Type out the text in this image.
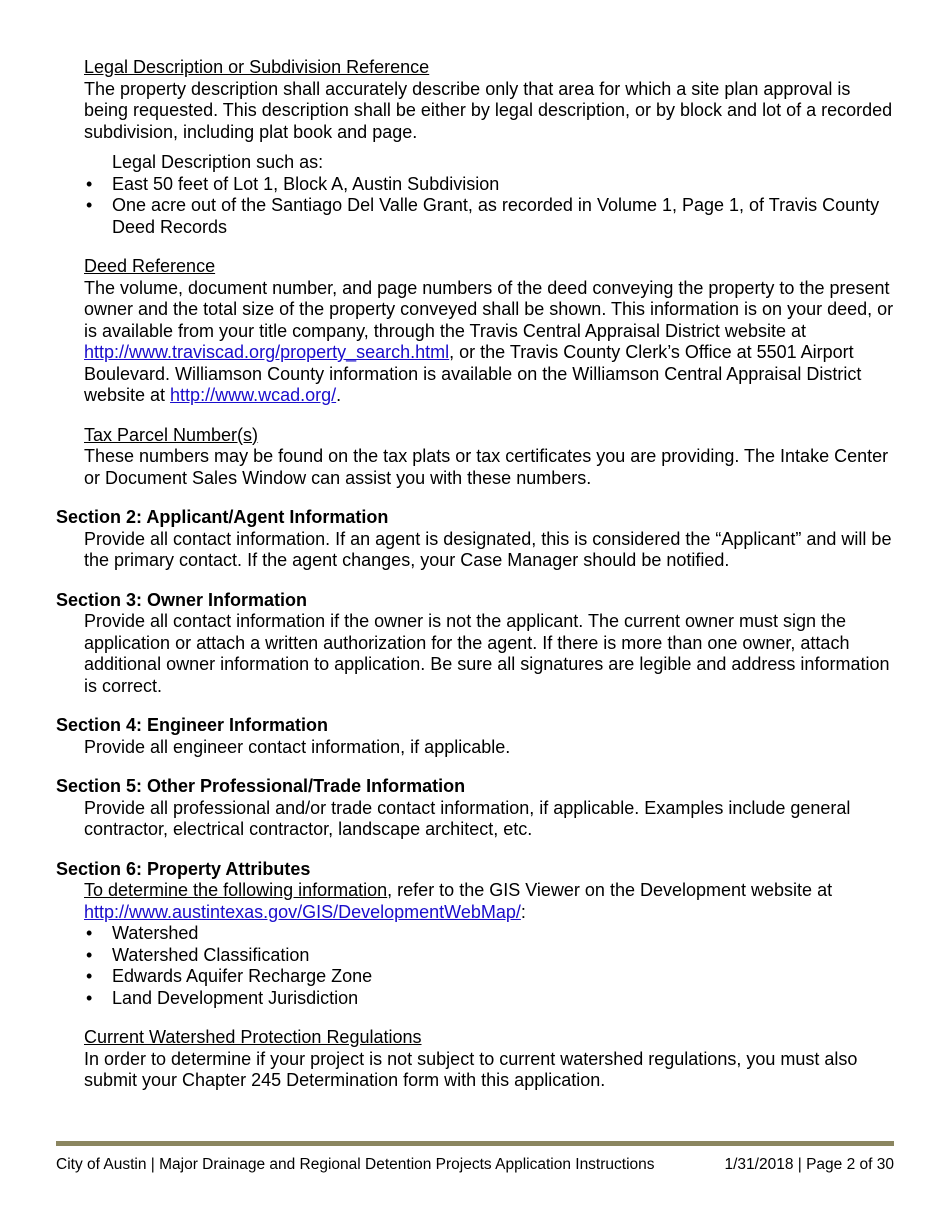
Legal Description or Subdivision Reference

The property description shall accurately describe only that area for which a site plan approval is being requested. This description shall be either by legal description, or by block and lot of a recorded subdivision, including plat book and page.

Legal Description such as:

• East 50 feet of Lot 1, Block A, Austin Subdivision
• One acre out of the Santiago Del Valle Grant, as recorded in Volume 1, Page 1, of Travis County Deed Records

Deed Reference

The volume, document number, and page numbers of the deed conveying the property to the present owner and the total size of the property conveyed shall be shown. This information is on your deed, or is available from your title company, through the Travis Central Appraisal District website at http://www.traviscad.org/property_search.html, or the Travis County Clerk’s Office at 5501 Airport Boulevard. Williamson County information is available on the Williamson Central Appraisal District website at http://www.wcad.org/.

Tax Parcel Number(s)

These numbers may be found on the tax plats or tax certificates you are providing. The Intake Center or Document Sales Window can assist you with these numbers.

Section 2: Applicant/Agent Information

Provide all contact information. If an agent is designated, this is considered the “Applicant” and will be the primary contact. If the agent changes, your Case Manager should be notified.

Section 3: Owner Information

Provide all contact information if the owner is not the applicant. The current owner must sign the application or attach a written authorization for the agent. If there is more than one owner, attach additional owner information to application. Be sure all signatures are legible and address information is correct.

Section 4: Engineer Information

Provide all engineer contact information, if applicable.

Section 5: Other Professional/Trade Information

Provide all professional and/or trade contact information, if applicable. Examples include general contractor, electrical contractor, landscape architect, etc.

Section 6: Property Attributes

To determine the following information, refer to the GIS Viewer on the Development website at http://www.austintexas.gov/GIS/DevelopmentWebMap/:

• Watershed
• Watershed Classification
• Edwards Aquifer Recharge Zone
• Land Development Jurisdiction

Current Watershed Protection Regulations

In order to determine if your project is not subject to current watershed regulations, you must also submit your Chapter 245 Determination form with this application.

City of Austin | Major Drainage and Regional Detention Projects Application Instructions	1/31/2018 | Page 2 of 30
